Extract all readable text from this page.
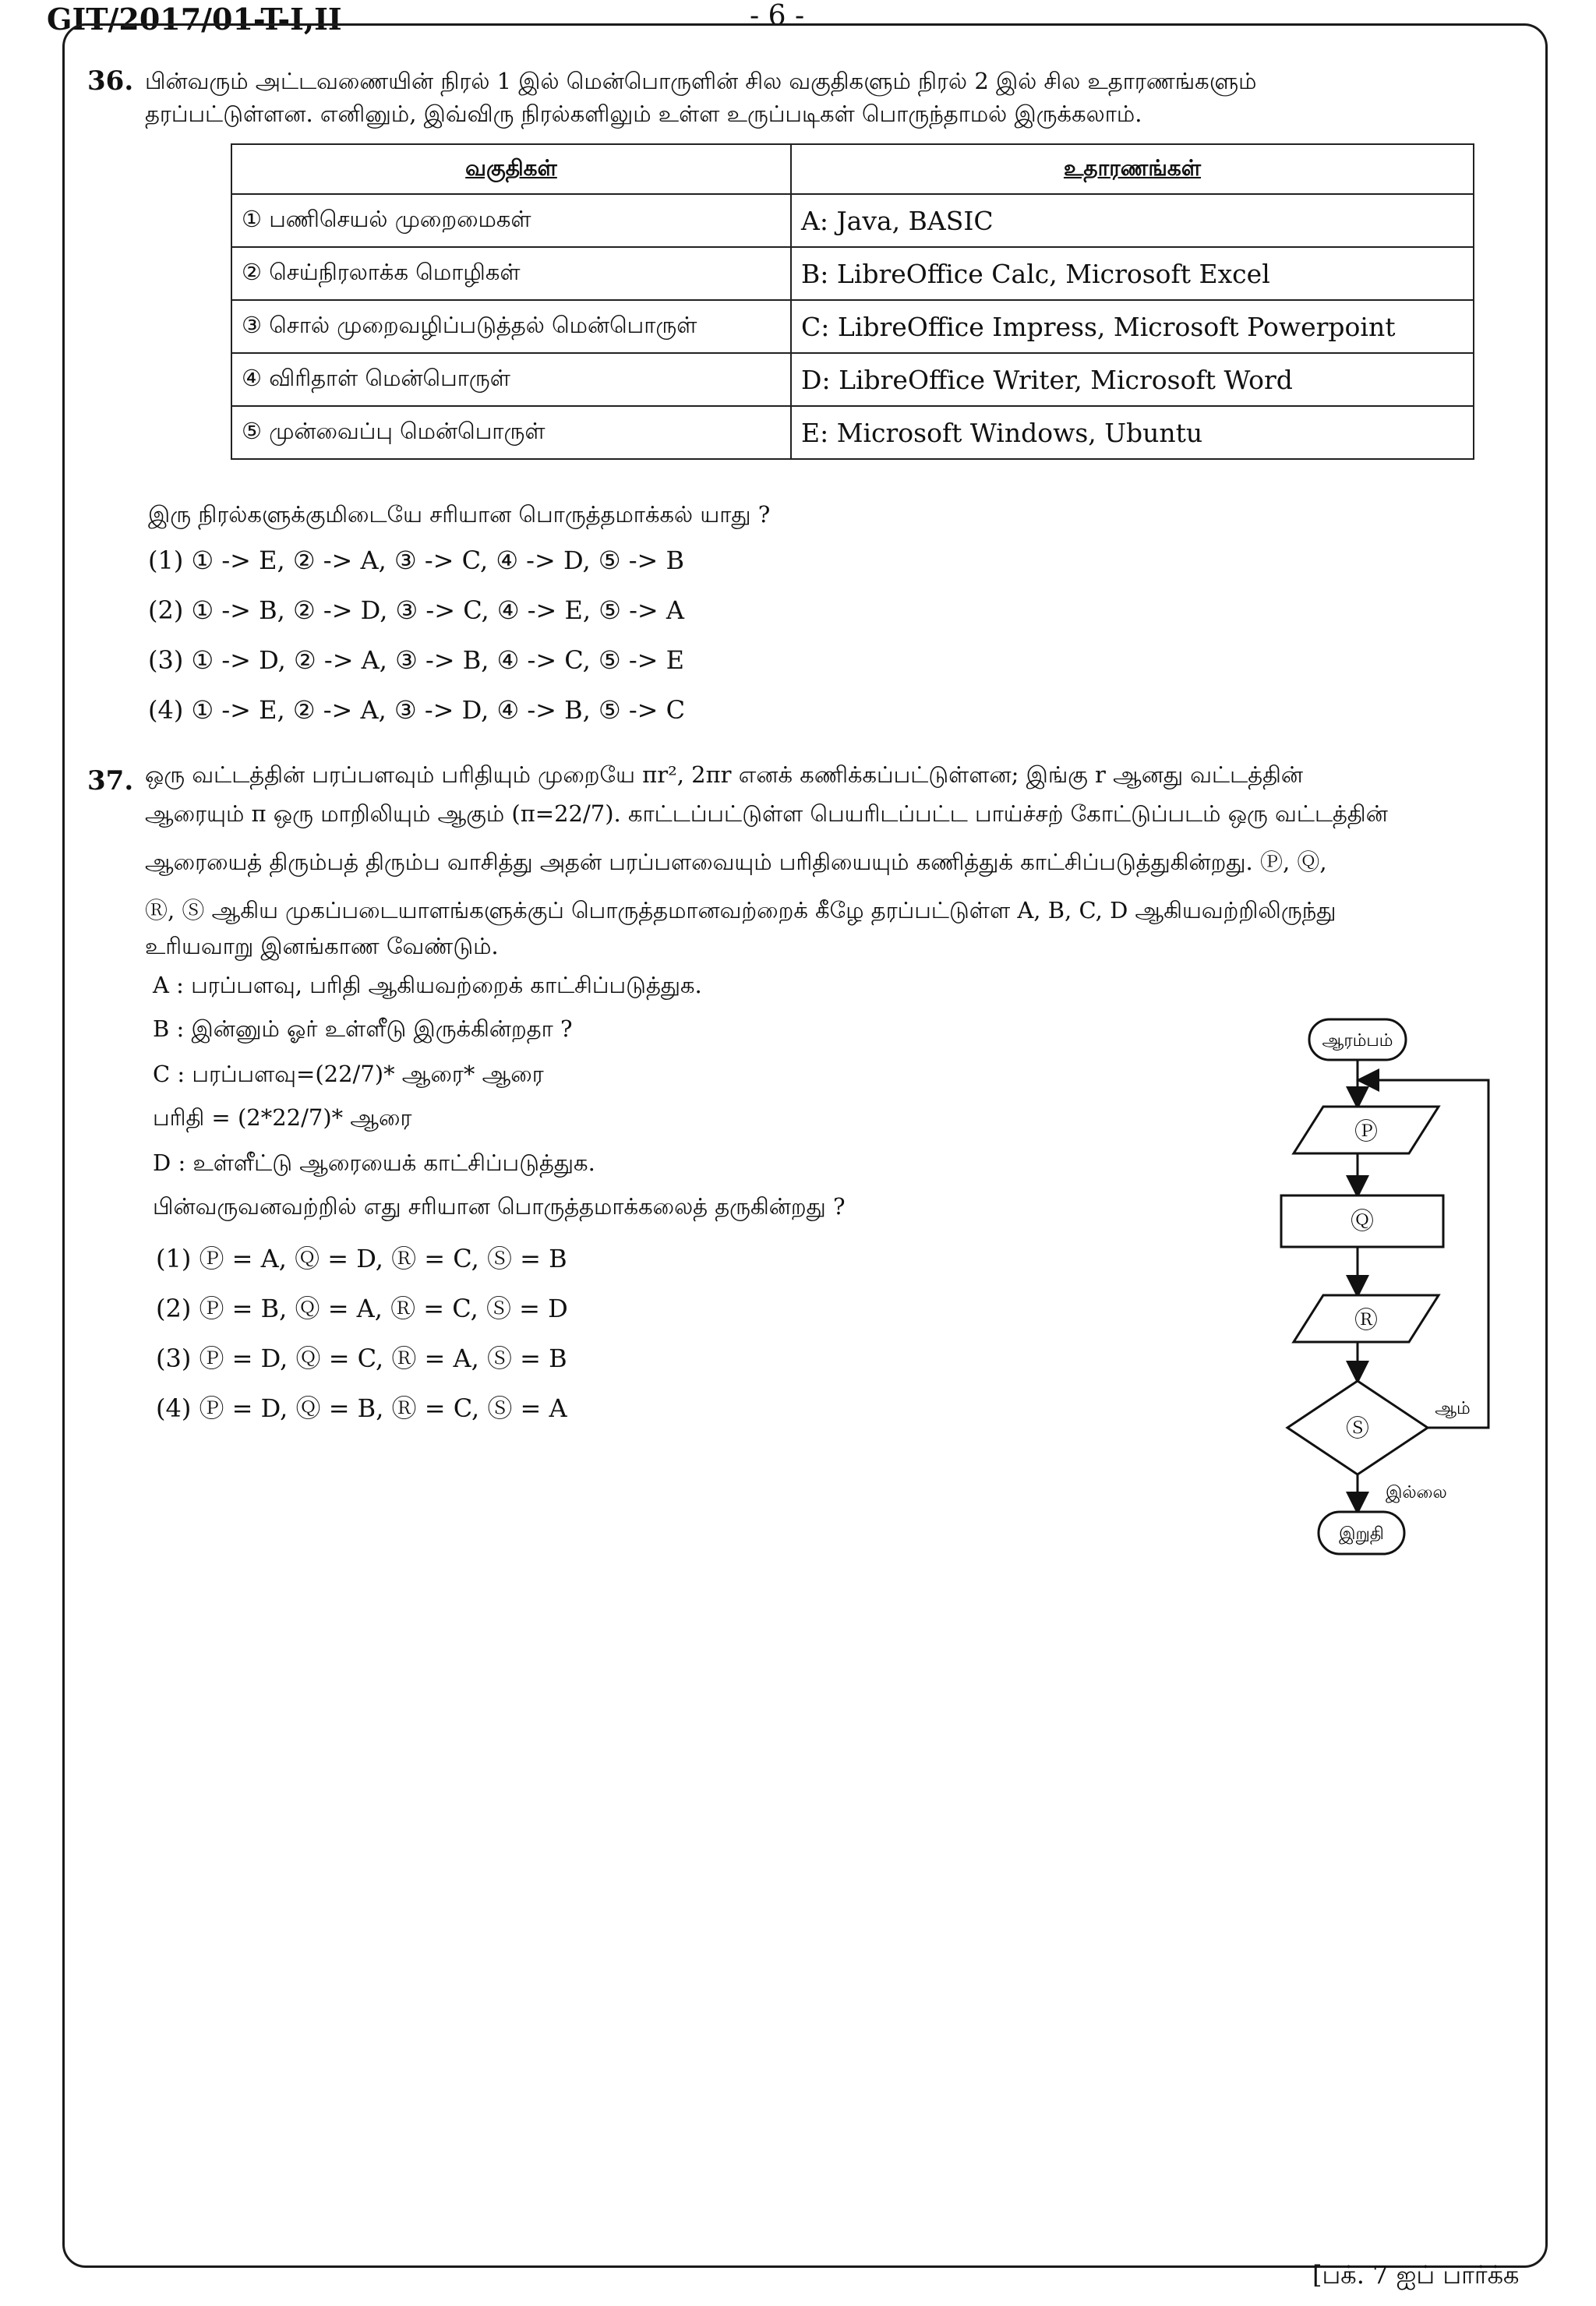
GIT/2017/01-T-I,II	- 6 -
36. பின்வரும் அட்டவணையின் நிரல் 1 இல் மென்பொருளின் சில வகுதிகளும் நிரல் 2 இல் சில உதாரணங்களும்
தரப்பட்டுள்ளன. எனினும், இவ்விரு நிரல்களிலும் உள்ள உருப்படிகள் பொருந்தாமல் இருக்கலாம்.
வகுதிகள்	உதாரணங்கள்
① பணிசெயல் முறைமைகள்	A: Java, BASIC
② செய்நிரலாக்க மொழிகள்	B: LibreOffice Calc, Microsoft Excel
③ சொல் முறைவழிப்படுத்தல் மென்பொருள்	C: LibreOffice Impress, Microsoft Powerpoint
④ விரிதாள் மென்பொருள்	D: LibreOffice Writer, Microsoft Word
⑤ முன்வைப்பு மென்பொருள்	E: Microsoft Windows, Ubuntu
இரு நிரல்களுக்குமிடையே சரியான பொருத்தமாக்கல் யாது ?
(1) ① -> E, ② -> A, ③ -> C, ④ -> D, ⑤ -> B
(2) ① -> B, ② -> D, ③ -> C, ④ -> E, ⑤ -> A
(3) ① -> D, ② -> A, ③ -> B, ④ -> C, ⑤ -> E
(4) ① -> E, ② -> A, ③ -> D, ④ -> B, ⑤ -> C
37. ஒரு வட்டத்தின் பரப்பளவும் பரிதியும் முறையே πr², 2πr எனக் கணிக்கப்பட்டுள்ளன; இங்கு r ஆனது வட்டத்தின்
ஆரையும் π ஒரு மாறிலியும் ஆகும் (π=22/7). காட்டப்பட்டுள்ள பெயரிடப்பட்ட பாய்ச்சற் கோட்டுப்படம் ஒரு வட்டத்தின்
ஆரையைத் திரும்பத் திரும்ப வாசித்து அதன் பரப்பளவையும் பரிதியையும் கணித்துக் காட்சிப்படுத்துகின்றது. Ⓟ, Ⓠ,
Ⓡ, Ⓢ ஆகிய முகப்படையாளங்களுக்குப் பொருத்தமானவற்றைக் கீழே தரப்பட்டுள்ள A, B, C, D ஆகியவற்றிலிருந்து
உரியவாறு இனங்காண வேண்டும்.
A : பரப்பளவு, பரிதி ஆகியவற்றைக் காட்சிப்படுத்துக.
B : இன்னும் ஓர் உள்ளீடு இருக்கின்றதா ?
C : பரப்பளவு=(22/7)* ஆரை* ஆரை
பரிதி = (2*22/7)* ஆரை
D : உள்ளீட்டு ஆரையைக் காட்சிப்படுத்துக.
பின்வருவனவற்றில் எது சரியான பொருத்தமாக்கலைத் தருகின்றது ?
(1) Ⓟ = A, Ⓠ = D, Ⓡ = C, Ⓢ = B
(2) Ⓟ = B, Ⓠ = A, Ⓡ = C, Ⓢ = D
(3) Ⓟ = D, Ⓠ = C, Ⓡ = A, Ⓢ = B
(4) Ⓟ = D, Ⓠ = B, Ⓡ = C, Ⓢ = A
ஆரம்பம்
Ⓟ
Ⓠ
Ⓡ
Ⓢ
ஆம்
இல்லை
இறுதி
[பக். 7 ஐப் பார்க்க
